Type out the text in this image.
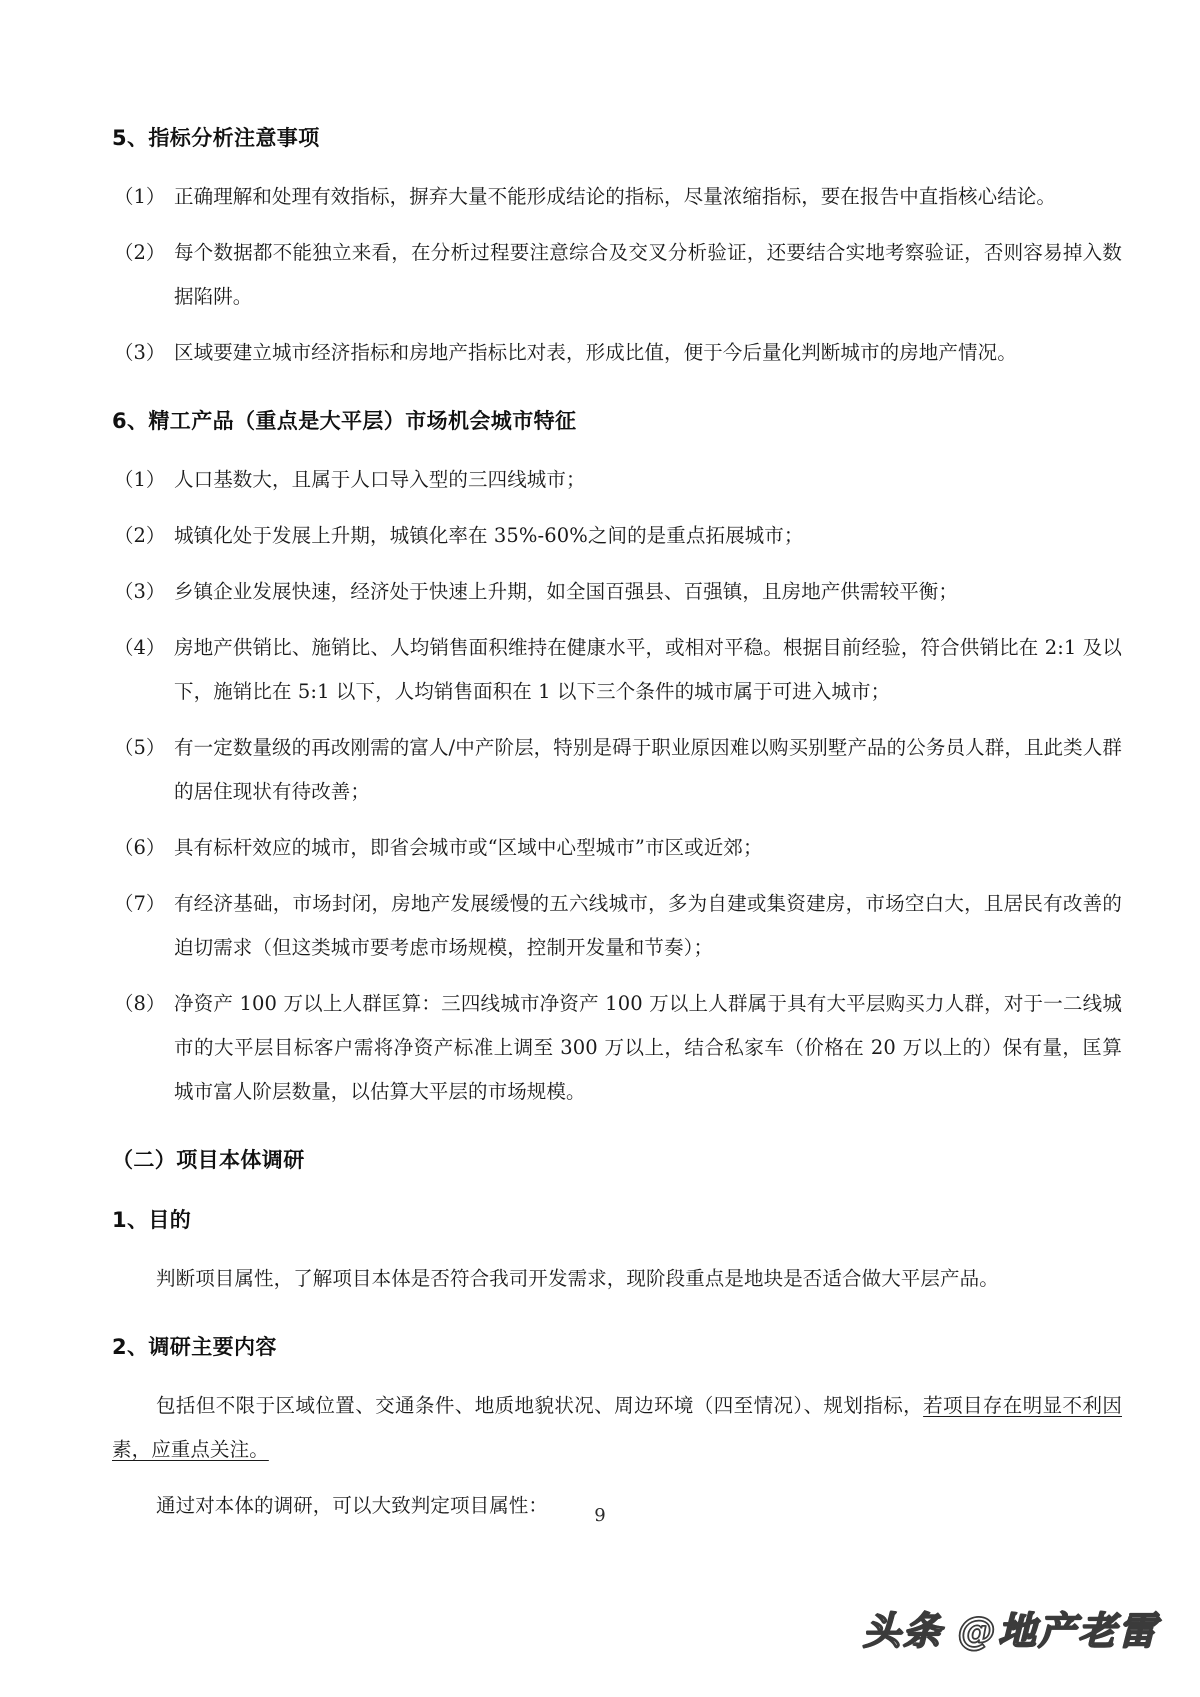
5、指标分析注意事项
（1） 正确理解和处理有效指标，摒弃大量不能形成结论的指标，尽量浓缩指标，要在报告中直指核心结论。
（2） 每个数据都不能独立来看，在分析过程要注意综合及交叉分析验证，还要结合实地考察验证，否则容易掉入数据陷阱。
（3） 区域要建立城市经济指标和房地产指标比对表，形成比值，便于今后量化判断城市的房地产情况。
6、精工产品（重点是大平层）市场机会城市特征
（1） 人口基数大，且属于人口导入型的三四线城市；
（2） 城镇化处于发展上升期，城镇化率在 35%-60%之间的是重点拓展城市；
（3） 乡镇企业发展快速，经济处于快速上升期，如全国百强县、百强镇，且房地产供需较平衡；
（4） 房地产供销比、施销比、人均销售面积维持在健康水平，或相对平稳。根据目前经验，符合供销比在 2:1 及以下，施销比在 5:1 以下，人均销售面积在 1 以下三个条件的城市属于可进入城市；
（5） 有一定数量级的再改刚需的富人/中产阶层，特别是碍于职业原因难以购买别墅产品的公务员人群，且此类人群的居住现状有待改善；
（6） 具有标杆效应的城市，即省会城市或“区域中心型城市”市区或近郊；
（7） 有经济基础，市场封闭，房地产发展缓慢的五六线城市，多为自建或集资建房，市场空白大，且居民有改善的迫切需求（但这类城市要考虑市场规模，控制开发量和节奏）；
（8） 净资产 100 万以上人群匡算：三四线城市净资产 100 万以上人群属于具有大平层购买力人群，对于一二线城市的大平层目标客户需将净资产标准上调至 300 万以上，结合私家车（价格在 20 万以上的）保有量，匡算城市富人阶层数量，以估算大平层的市场规模。
（二）项目本体调研
1、目的

判断项目属性，了解项目本体是否符合我司开发需求，现阶段重点是地块是否适合做大平层产品。

2、调研主要内容

包括但不限于区域位置、交通条件、地质地貌状况、周边环境（四至情况）、规划指标，若项目存在明显不利因素，应重点关注。

通过对本体的调研，可以大致判定项目属性：	9
头条 @地产老雷
